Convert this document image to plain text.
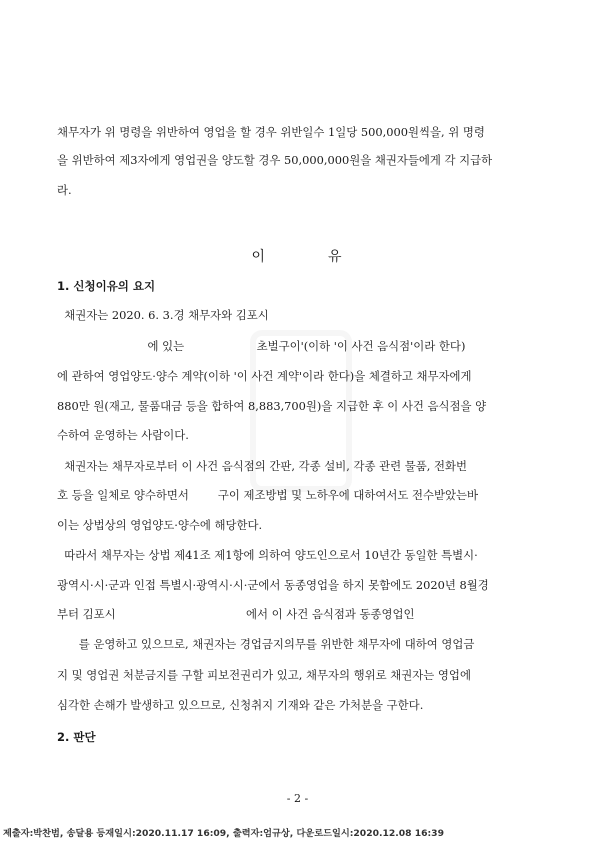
채무자가 위 명령을 위반하여 영업을 할 경우 위반일수 1일당 500,000원씩을, 위 명령
을 위반하여 제3자에게 영업권을 양도할 경우 50,000,000원을 채권자들에게 각 지급하
라.
이	유
1. 신청이유의 요지
채권자는 2020. 6. 3.경 채무자와 김포시
에 있는                    초벌구이'(이하 '이 사건 음식점'이라 한다)
에 관하여 영업양도·양수 계약(이하 '이 사건 계약'이라 한다)을 체결하고 채무자에게
880만 원(재고, 물품대금 등을 합하여 8,883,700원)을 지급한 후 이 사건 음식점을 양
수하여 운영하는 사람이다.
채권자는 채무자로부터 이 사건 음식점의 간판, 각종 설비, 각종 관련 물품, 전화번
호 등을 일체로 양수하면서        구이 제조방법 및 노하우에 대하여서도 전수받았는바
이는 상법상의 영업양도·양수에 해당한다.
따라서 채무자는 상법 제41조 제1항에 의하여 양도인으로서 10년간 동일한 특별시·
광역시·시·군과 인접 특별시·광역시·시·군에서 동종영업을 하지 못함에도 2020년 8월경
부터 김포시                                    에서 이 사건 음식점과 동종영업인
를 운영하고 있으므로, 채권자는 경업금지의무를 위반한 채무자에 대하여 영업금
지 및 영업권 처분금지를 구할 피보전권리가 있고, 채무자의 행위로 채권자는 영업에
심각한 손해가 발생하고 있으므로, 신청취지 기재와 같은 가처분을 구한다.
2. 판단
- 2 -
제출자:박찬범, 송달용 등재일시:2020.11.17 16:09, 출력자:엄규상, 다운로드일시:2020.12.08 16:39
